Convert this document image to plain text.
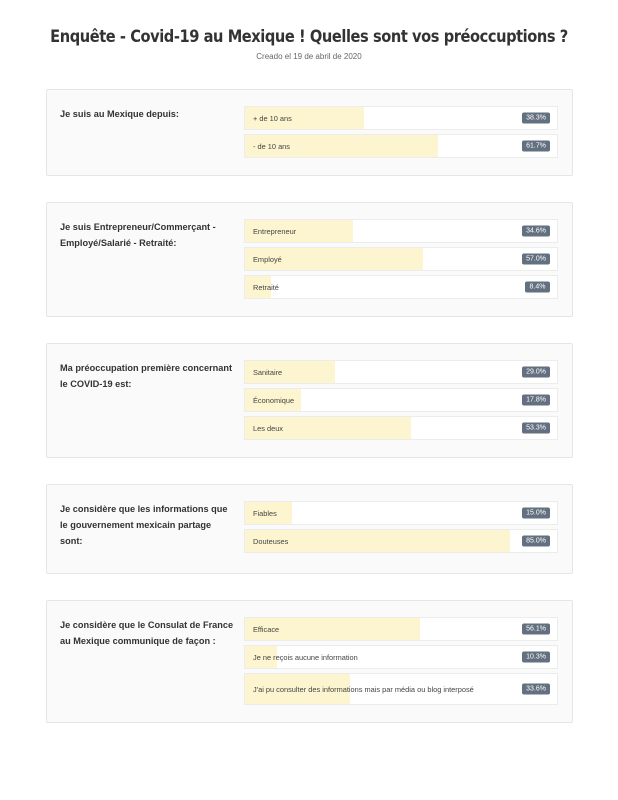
Enquête - Covid-19 au Mexique ! Quelles sont vos préoccuptions ?
Creado el 19 de abril de 2020
Je suis au Mexique depuis:	+ de 10 ans	38.3%
- de 10 ans	61.7%
Je suis Entrepreneur/Commerçant -Employé/Salarié - Retraité:
Entrepreneur	34.6%
Employé	57.0%
Retraité	8.4%
Ma préoccupation première concernant le COVID-19 est:
Sanitaire	29.0%
Économique	17.8%
Les deux	53.3%
Je considère que les informations que le gouvernement mexicain partage sont:
Fiables	15.0%
Douteuses	85.0%
Je considère que le Consulat de France au Mexique communique de façon :
Efficace	56.1%
Je ne reçois aucune information	10.3%
J'ai pu consulter des informations mais par média ou blog interposé	33.6%
